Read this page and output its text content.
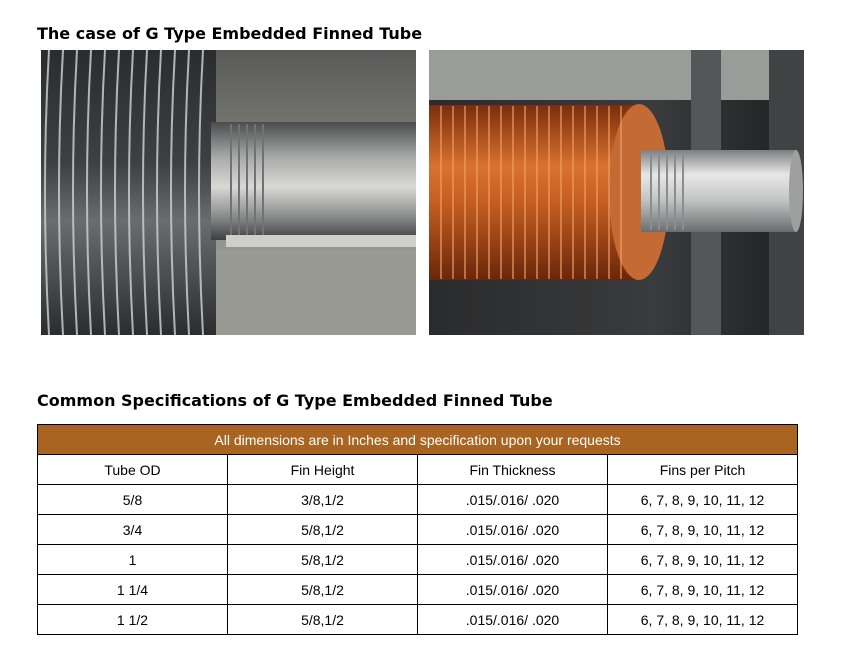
The case of G Type Embedded Finned Tube
Common Specifications of G Type Embedded Finned Tube
All dimensions are in Inches and specification upon your requests			
Tube OD	Fin Height	Fin Thickness	Fins per Pitch
5/8	3/8,1/2	.015/.016/ .020	6, 7, 8, 9, 10, 11, 12
3/4	5/8,1/2	.015/.016/ .020	6, 7, 8, 9, 10, 11, 12
1	5/8,1/2	.015/.016/ .020	6, 7, 8, 9, 10, 11, 12
1 1/4	5/8,1/2	.015/.016/ .020	6, 7, 8, 9, 10, 11, 12
1 1/2	5/8,1/2	.015/.016/ .020	6, 7, 8, 9, 10, 11, 12
